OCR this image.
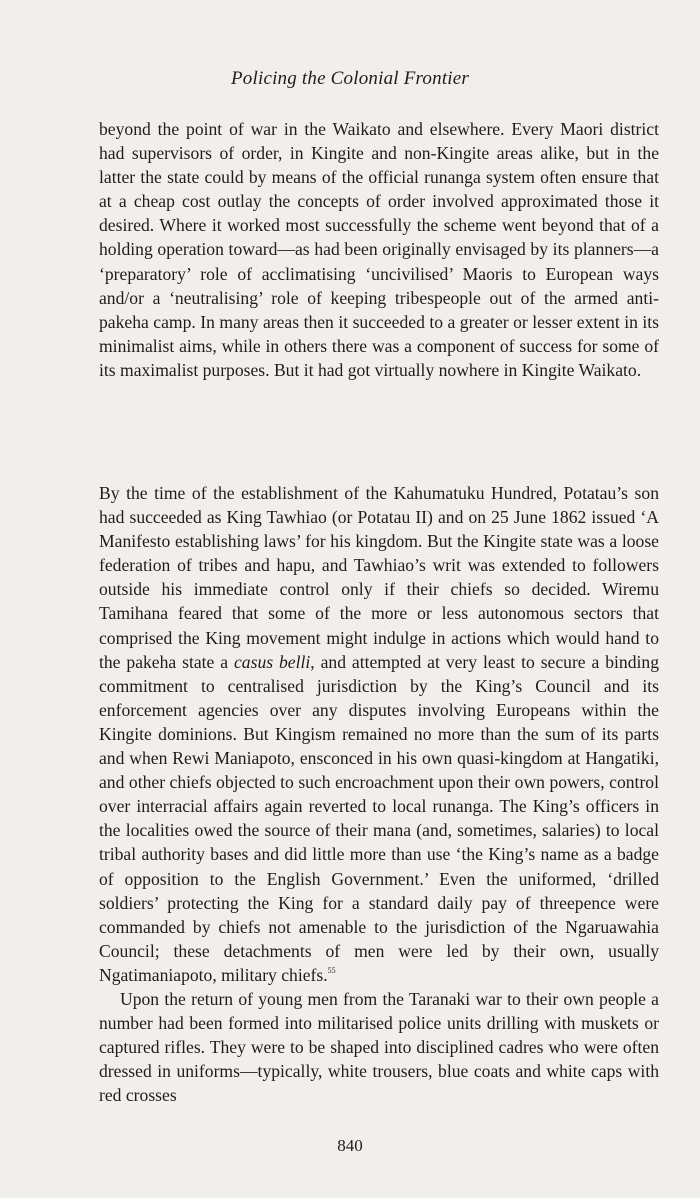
Policing the Colonial Frontier

beyond the point of war in the Waikato and elsewhere. Every Maori district had supervisors of order, in Kingite and non-Kingite areas alike, but in the latter the state could by means of the official runanga system often ensure that at a cheap cost outlay the concepts of order involved approximated those it desired. Where it worked most successfully the scheme went beyond that of a holding operation toward—as had been originally envisaged by its planners—a ‘preparatory’ role of acclimatising ‘uncivilised’ Maoris to European ways and/or a ‘neutralising’ role of keeping tribespeople out of the armed anti-pakeha camp. In many areas then it succeeded to a greater or lesser extent in its minimalist aims, while in others there was a component of success for some of its maximalist purposes. But it had got virtually nowhere in Kingite Waikato.

By the time of the establishment of the Kahumatuku Hundred, Potatau’s son had succeeded as King Tawhiao (or Potatau II) and on 25 June 1862 issued ‘A Manifesto establishing laws’ for his kingdom. But the Kingite state was a loose federation of tribes and hapu, and Tawhiao’s writ was extended to followers outside his immediate control only if their chiefs so decided. Wiremu Tamihana feared that some of the more or less autonomous sectors that comprised the King movement might indulge in actions which would hand to the pakeha state a casus belli, and attempted at very least to secure a binding commitment to centralised jurisdiction by the King’s Council and its enforcement agencies over any disputes involving Europeans within the Kingite dominions. But Kingism remained no more than the sum of its parts and when Rewi Maniapoto, ensconced in his own quasi-kingdom at Hangatiki, and other chiefs objected to such encroachment upon their own powers, control over interracial affairs again reverted to local runanga. The King’s officers in the localities owed the source of their mana (and, sometimes, salaries) to local tribal authority bases and did little more than use ‘the King’s name as a badge of opposition to the English Government.’ Even the uniformed, ‘drilled soldiers’ protecting the King for a standard daily pay of threepence were commanded by chiefs not amenable to the jurisdiction of the Ngaruawahia Council; these detachments of men were led by their own, usually Ngatimaniapoto, military chiefs.$^{55}$

Upon the return of young men from the Taranaki war to their own people a number had been formed into militarised police units drilling with muskets or captured rifles. They were to be shaped into disciplined cadres who were often dressed in uniforms—typically, white trousers, blue coats and white caps with red crosses

840
